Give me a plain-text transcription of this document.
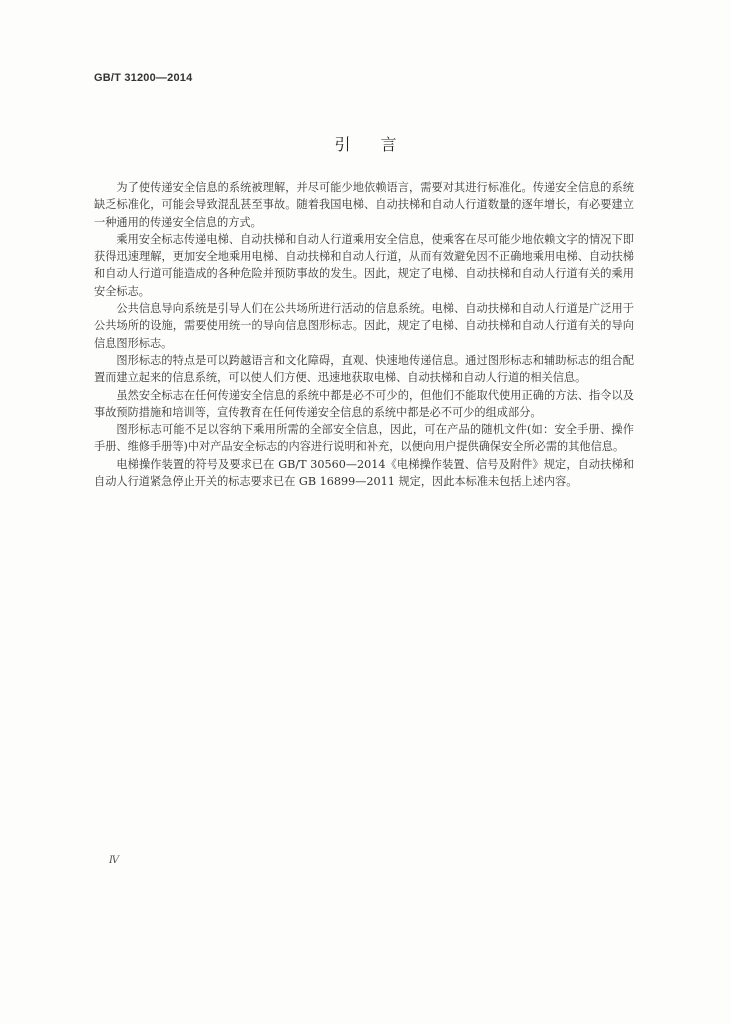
GB/T 31200—2014
引言

为了使传递安全信息的系统被理解，并尽可能少地依赖语言，需要对其进行标准化。传递安全信息的系统缺乏标准化，可能会导致混乱甚至事故。随着我国电梯、自动扶梯和自动人行道数量的逐年增长，有必要建立一种通用的传递安全信息的方式。

乘用安全标志传递电梯、自动扶梯和自动人行道乘用安全信息，使乘客在尽可能少地依赖文字的情况下即获得迅速理解，更加安全地乘用电梯、自动扶梯和自动人行道，从而有效避免因不正确地乘用电梯、自动扶梯和自动人行道可能造成的各种危险并预防事故的发生。因此，规定了电梯、自动扶梯和自动人行道有关的乘用安全标志。

公共信息导向系统是引导人们在公共场所进行活动的信息系统。电梯、自动扶梯和自动人行道是广泛用于公共场所的设施，需要使用统一的导向信息图形标志。因此，规定了电梯、自动扶梯和自动人行道有关的导向信息图形标志。

图形标志的特点是可以跨越语言和文化障碍，直观、快速地传递信息。通过图形标志和辅助标志的组合配置而建立起来的信息系统，可以使人们方便、迅速地获取电梯、自动扶梯和自动人行道的相关信息。

虽然安全标志在任何传递安全信息的系统中都是必不可少的，但他们不能取代使用正确的方法、指令以及事故预防措施和培训等，宣传教育在任何传递安全信息的系统中都是必不可少的组成部分。

图形标志可能不足以容纳下乘用所需的全部安全信息，因此，可在产品的随机文件(如：安全手册、操作手册、维修手册等)中对产品安全标志的内容进行说明和补充，以便向用户提供确保安全所必需的其他信息。

电梯操作装置的符号及要求已在 GB/T 30560—2014《电梯操作装置、信号及附件》规定，自动扶梯和自动人行道紧急停止开关的标志要求已在 GB 16899—2011 规定，因此本标准未包括上述内容。

Ⅳ
